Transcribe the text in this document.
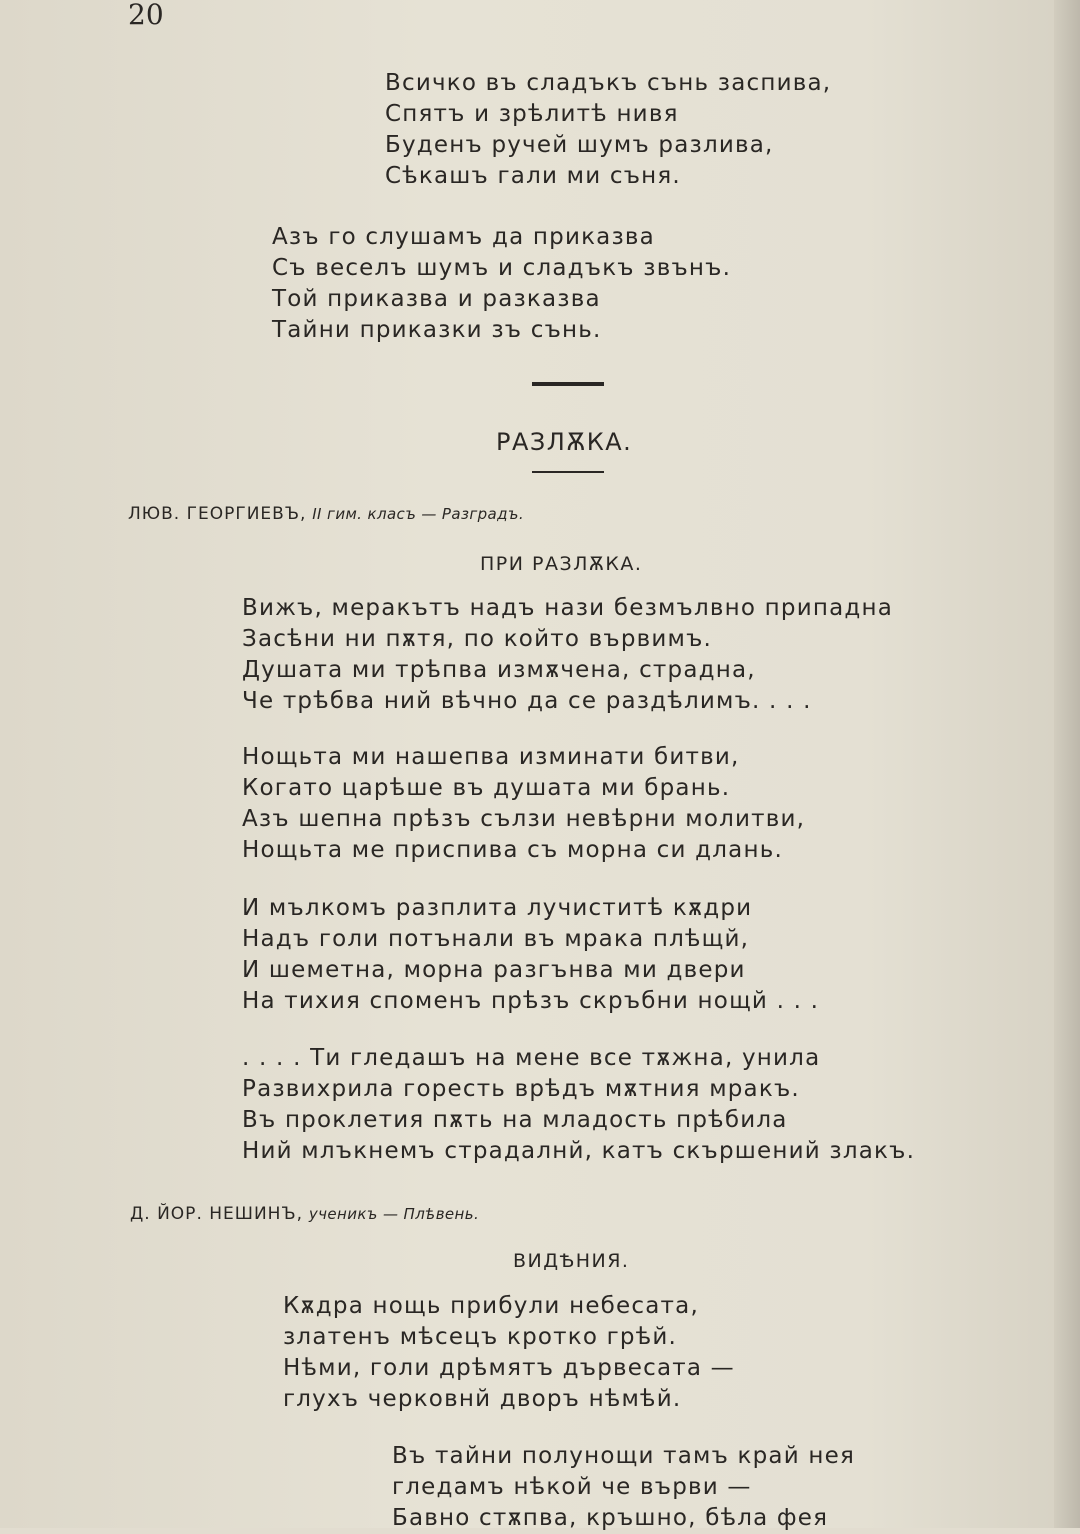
20
Всичко въ сладъкъ сънь заспива,
Спятъ и зрѣлитѣ нивя
Буденъ ручей шумъ разлива,
Сѣкашъ гали ми съня.
Азъ го слушамъ да приказва
Съ веселъ шумъ и сладъкъ звънъ.
Той приказва и разказва
Тайни приказки зъ сънь.
РАЗЛѪКА.
ЛЮВ. ГЕОРГИЕВЪ, II гим. класъ — Разградъ.
ПРИ РАЗЛѪКА.
Вижъ, меракътъ надъ нази безмълвно припадна
Засѣни ни пѫтя, по който вървимъ.
Душата ми трѣпва измѫчена, страдна,
Че трѣбва ний вѣчно да се раздѣлимъ. . . .
Нощьта ми нашепва изминати битви,
Когато царѣше въ душата ми брань.
Азъ шепна прѣзъ сълзи невѣрни молитви,
Нощьта ме приспива съ морна си длань.
И мълкомъ разплита лучиститѣ кѫдри
Надъ голи потънали въ мрака плѣщй,
И шеметна, морна разгънва ми двери
На тихия споменъ прѣзъ скръбни нощй . . .
. . . . Ти гледашъ на мене все тѫжна, унила
Развихрила горесть врѣдъ мѫтния мракъ.
Въ проклетия пѫть на младость прѣбила
Ний млъкнемъ страдалнй, катъ скършений злакъ.
Д. ЙОР. НЕШИНЪ, ученикъ — Плѣвень.
ВИДѢНИЯ.
Кѫдра нощь прибули небесата,
златенъ мѣсецъ кротко грѣй.
Нѣми, голи дрѣмятъ дървесата —
глухъ черковнй дворъ нѣмѣй.
Въ тайни полунощи тамъ край нея
гледамъ нѣкой че върви —
Бавно стѫпва, кръшно, бѣла фея
